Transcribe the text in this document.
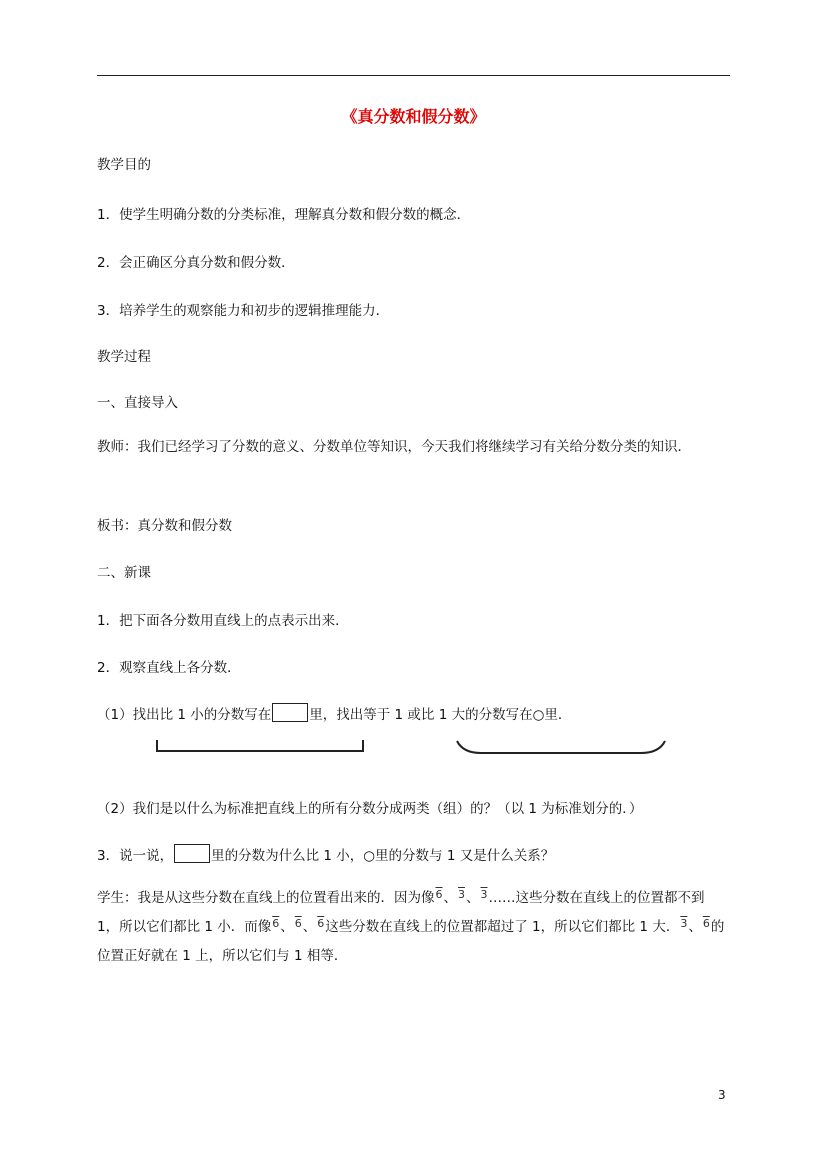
《真分数和假分数》
教学目的
1．使学生明确分数的分类标准，理解真分数和假分数的概念．
2．会正确区分真分数和假分数．
3．培养学生的观察能力和初步的逻辑推理能力．
教学过程
一、直接导入
教师：我们已经学习了分数的意义、分数单位等知识，今天我们将继续学习有关给分数分类的知识．
板书：真分数和假分数
二、新课
1．把下面各分数用直线上的点表示出来．
2．观察直线上各分数．
（1）找出比 1 小的分数写在	里，找出等于 1 或比 1 大的分数写在○里．
（2）我们是以什么为标准把直线上的所有分数分成两类（组）的？（以 1 为标准划分的．）
3．说一说，	里的分数为什么比 1 小，○里的分数与 1 又是什么关系？
学生：我是从这些分数在直线上的位置看出来的．因为像6、3、3……这些分数在直线上的位置都不到 1，所以它们都比 1 小．而像6、6、6这些分数在直线上的位置都超过了 1，所以它们都比 1 大．3、6的位置正好就在 1 上，所以它们与 1 相等．
3
